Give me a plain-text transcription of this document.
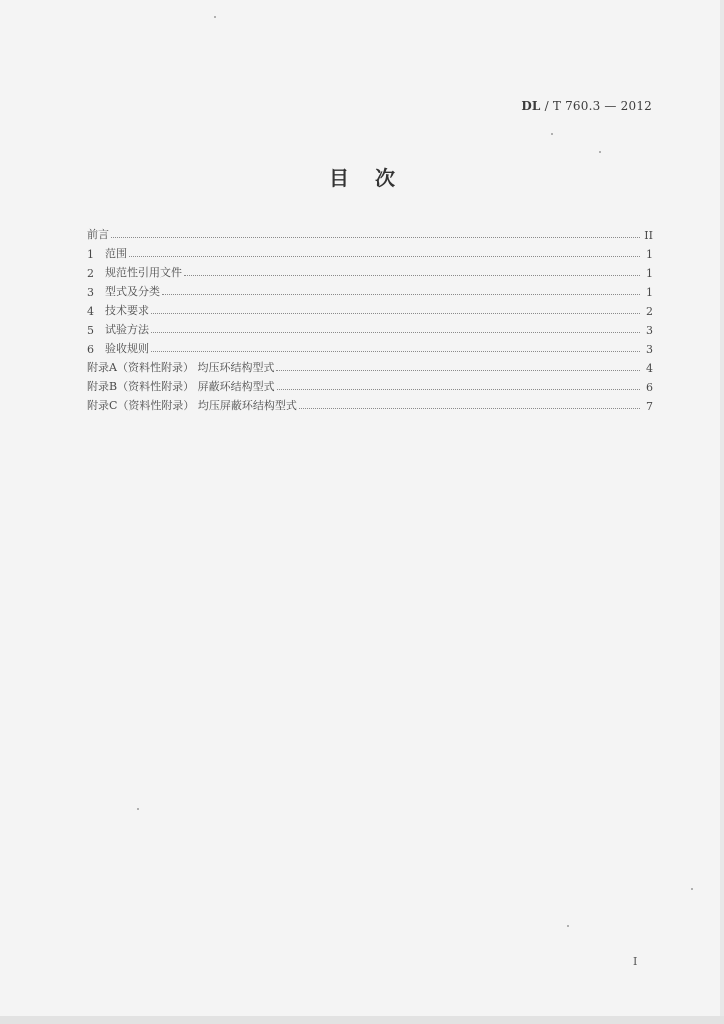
DL / T 760.3 — 2012
目次
前言	II
1	范围	1
2	规范性引用文件	1
3	型式及分类	1
4	技术要求	2
5	试验方法	3
6	验收规则	3
附录A（资料性附录） 均压环结构型式	4
附录B（资料性附录） 屏蔽环结构型式	6
附录C（资料性附录） 均压屏蔽环结构型式	7
I
